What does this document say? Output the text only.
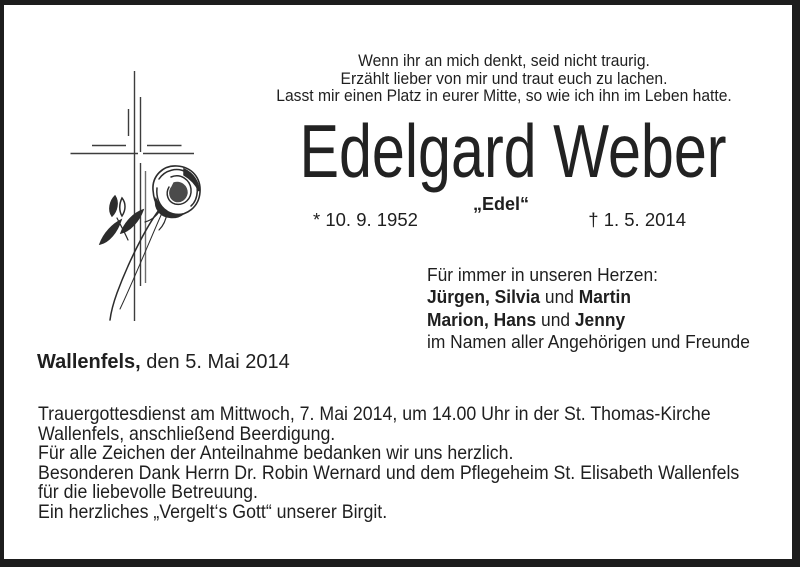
Wenn ihr an mich denkt, seid nicht traurig.
Erzählt lieber von mir und traut euch zu lachen.
Lasst mir einen Platz in eurer Mitte, so wie ich ihn im Leben hatte.
Edelgard Weber
„Edel“
* 10. 9. 1952	† 1. 5. 2014
Für immer in unseren Herzen:
Jürgen, Silvia und Martin
Marion, Hans und Jenny
im Namen aller Angehörigen und Freunde
Wallenfels, den 5. Mai 2014
Trauergottesdienst am Mittwoch, 7. Mai 2014, um 14.00 Uhr in der St. Thomas-Kirche
Wallenfels, anschließend Beerdigung.
Für alle Zeichen der Anteilnahme bedanken wir uns herzlich.
Besonderen Dank Herrn Dr. Robin Wernard und dem Pflegeheim St. Elisabeth Wallenfels
für die liebevolle Betreuung.
Ein herzliches „Vergelt‘s Gott“ unserer Birgit.
